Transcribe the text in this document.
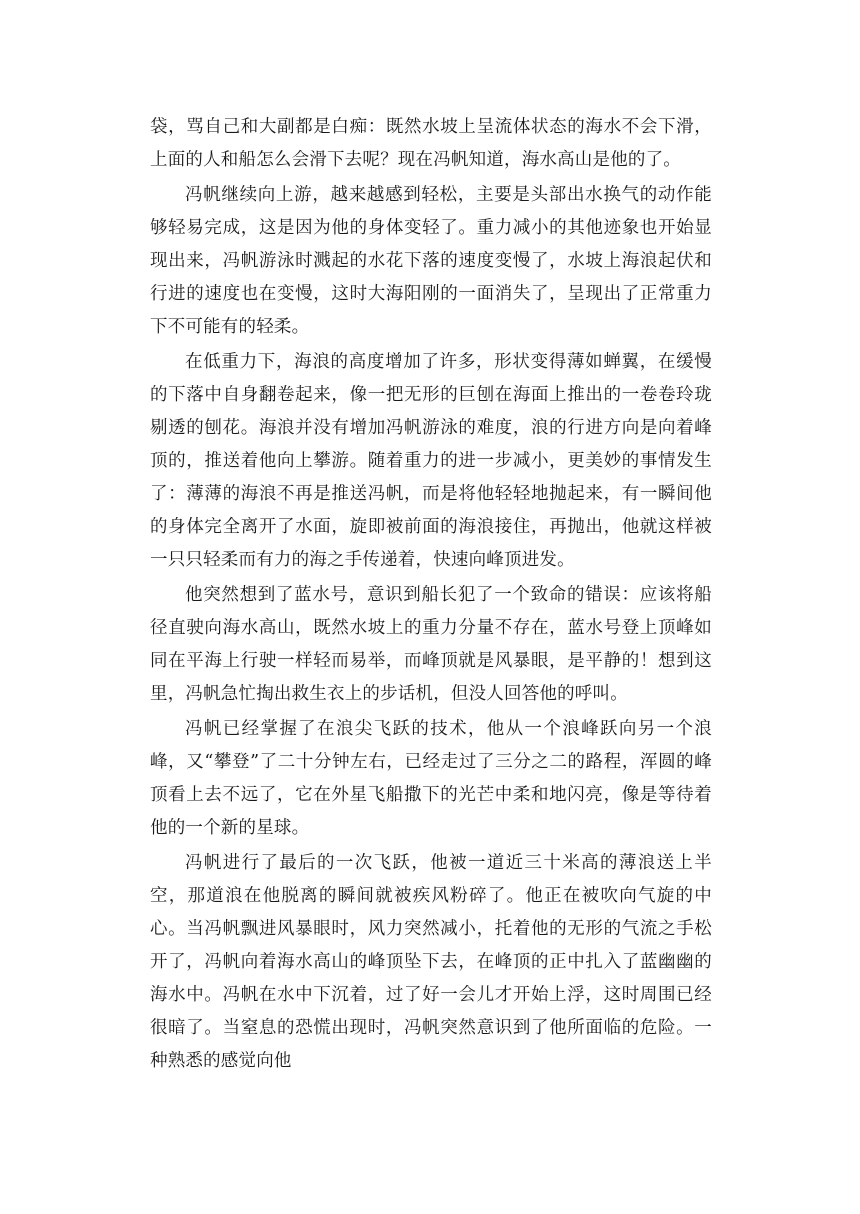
袋，骂自己和大副都是白痴：既然水坡上呈流体状态的海水不会下滑，上面的人和船怎么会滑下去呢？现在冯帆知道，海水高山是他的了。

冯帆继续向上游，越来越感到轻松，主要是头部出水换气的动作能够轻易完成，这是因为他的身体变轻了。重力减小的其他迹象也开始显现出来，冯帆游泳时溅起的水花下落的速度变慢了，水坡上海浪起伏和行进的速度也在变慢，这时大海阳刚的一面消失了，呈现出了正常重力下不可能有的轻柔。

在低重力下，海浪的高度增加了许多，形状变得薄如蝉翼，在缓慢的下落中自身翻卷起来，像一把无形的巨刨在海面上推出的一卷卷玲珑剔透的刨花。海浪并没有增加冯帆游泳的难度，浪的行进方向是向着峰顶的，推送着他向上攀游。随着重力的进一步减小，更美妙的事情发生了：薄薄的海浪不再是推送冯帆，而是将他轻轻地抛起来，有一瞬间他的身体完全离开了水面，旋即被前面的海浪接住，再抛出，他就这样被一只只轻柔而有力的海之手传递着，快速向峰顶进发。

他突然想到了蓝水号，意识到船长犯了一个致命的错误：应该将船径直驶向海水高山，既然水坡上的重力分量不存在，蓝水号登上顶峰如同在平海上行驶一样轻而易举，而峰顶就是风暴眼，是平静的！想到这里，冯帆急忙掏出救生衣上的步话机，但没人回答他的呼叫。

冯帆已经掌握了在浪尖飞跃的技术，他从一个浪峰跃向另一个浪峰，又“攀登”了二十分钟左右，已经走过了三分之二的路程，浑圆的峰顶看上去不远了，它在外星飞船撒下的光芒中柔和地闪亮，像是等待着他的一个新的星球。

冯帆进行了最后的一次飞跃，他被一道近三十米高的薄浪送上半空，那道浪在他脱离的瞬间就被疾风粉碎了。他正在被吹向气旋的中心。当冯帆飘进风暴眼时，风力突然减小，托着他的无形的气流之手松开了，冯帆向着海水高山的峰顶坠下去，在峰顶的正中扎入了蓝幽幽的海水中。冯帆在水中下沉着，过了好一会儿才开始上浮，这时周围已经很暗了。当窒息的恐慌出现时，冯帆突然意识到了他所面临的危险。一种熟悉的感觉向他
